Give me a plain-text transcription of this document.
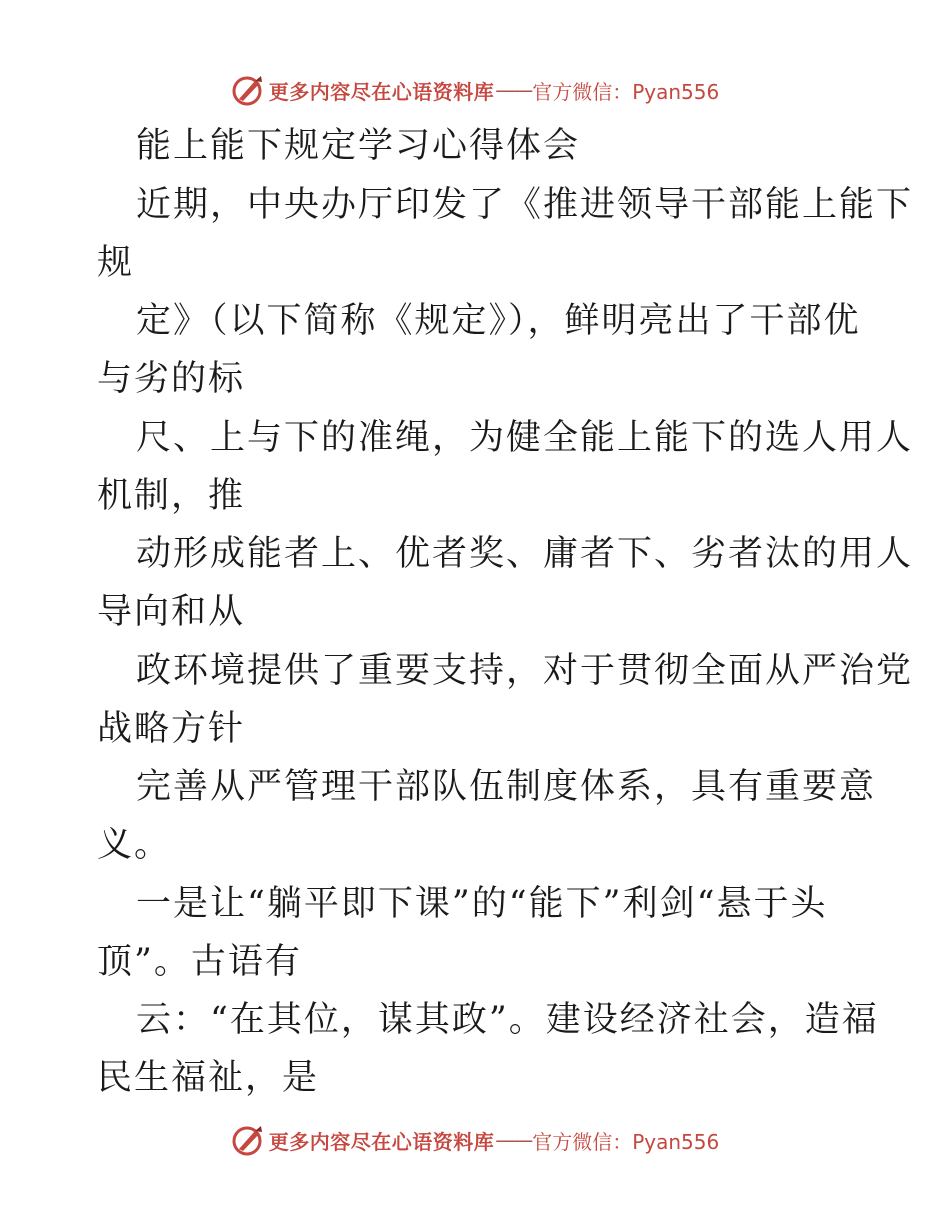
更多内容尽在心语资料库 —— 官方微信：Pyan556
能上能下规定学习心得体会
近期，中央办厅印发了《推进领导干部能上能下
规
定》（以下简称《规定》），鲜明亮出了干部优
与劣的标
尺、上与下的准绳，为健全能上能下的选人用人
机制，推
动形成能者上、优者奖、庸者下、劣者汰的用人
导向和从
政环境提供了重要支持，对于贯彻全面从严治党
战略方针
完善从严管理干部队伍制度体系，具有重要意
义。
一是让“躺平即下课”的“能下”利剑“悬于头
顶”。古语有
云：“在其位，谋其政”。建设经济社会，造福
民生福祉，是
更多内容尽在心语资料库 —— 官方微信：Pyan556
